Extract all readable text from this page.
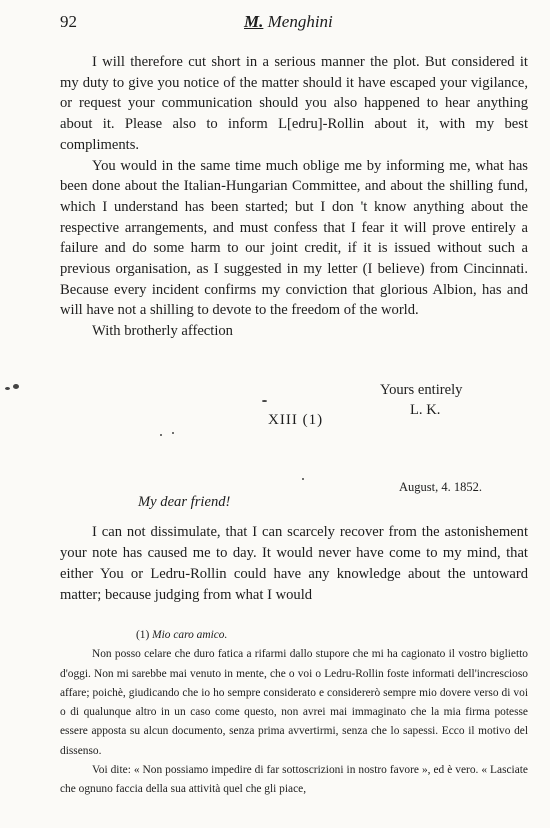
92	M. Menghini

I will therefore cut short in a serious manner the plot. But considered it my duty to give you notice of the matter should it have escaped your vigilance, or request your communication should you also happened to hear anything about it. Please also to inform L[edru]-Rollin about it, with my best compliments.

You would in the same time much oblige me by informing me, what has been done about the Italian-Hungarian Committee, and about the shilling fund, which I understand has been started; but I don 't know anything about the respective arrangements, and must confess that I fear it will prove entirely a failure and do some harm to our joint credit, if it is issued without such a previous organisation, as I suggested in my letter (I believe) from Cincinnati. Because every incident confirms my conviction that glorious Albion, has and will have not a shilling to devote to the freedom of the world.

With brotherly affection

Yours entirely
L. K.
XIII (1)
August, 4. 1852.
My dear friend!

I can not dissimulate, that I can scarcely recover from the astonishement your note has caused me to day. It would never have come to my mind, that either You or Ledru-Rollin could have any knowledge about the untoward matter; because judging from what I would

(1) Mio caro amico.

Non posso celare che duro fatica a rifarmi dallo stupore che mi ha cagionato il vostro biglietto d'oggi. Non mi sarebbe mai venuto in mente, che o voi o Ledru-Rollin foste informati dell'increscioso affare; poichè, giudicando che io ho sempre considerato e considererò sempre mio dovere verso di voi o di qualunque altro in un caso come questo, non avrei mai immaginato che la mia firma potesse essere apposta su alcun documento, senza prima avvertirmi, senza che lo sapessi. Ecco il motivo del dissenso.

Voi dite: « Non possiamo impedire di far sottoscrizioni in nostro favore », ed è vero. « Lasciate che ognuno faccia della sua attività quel che gli piace,
